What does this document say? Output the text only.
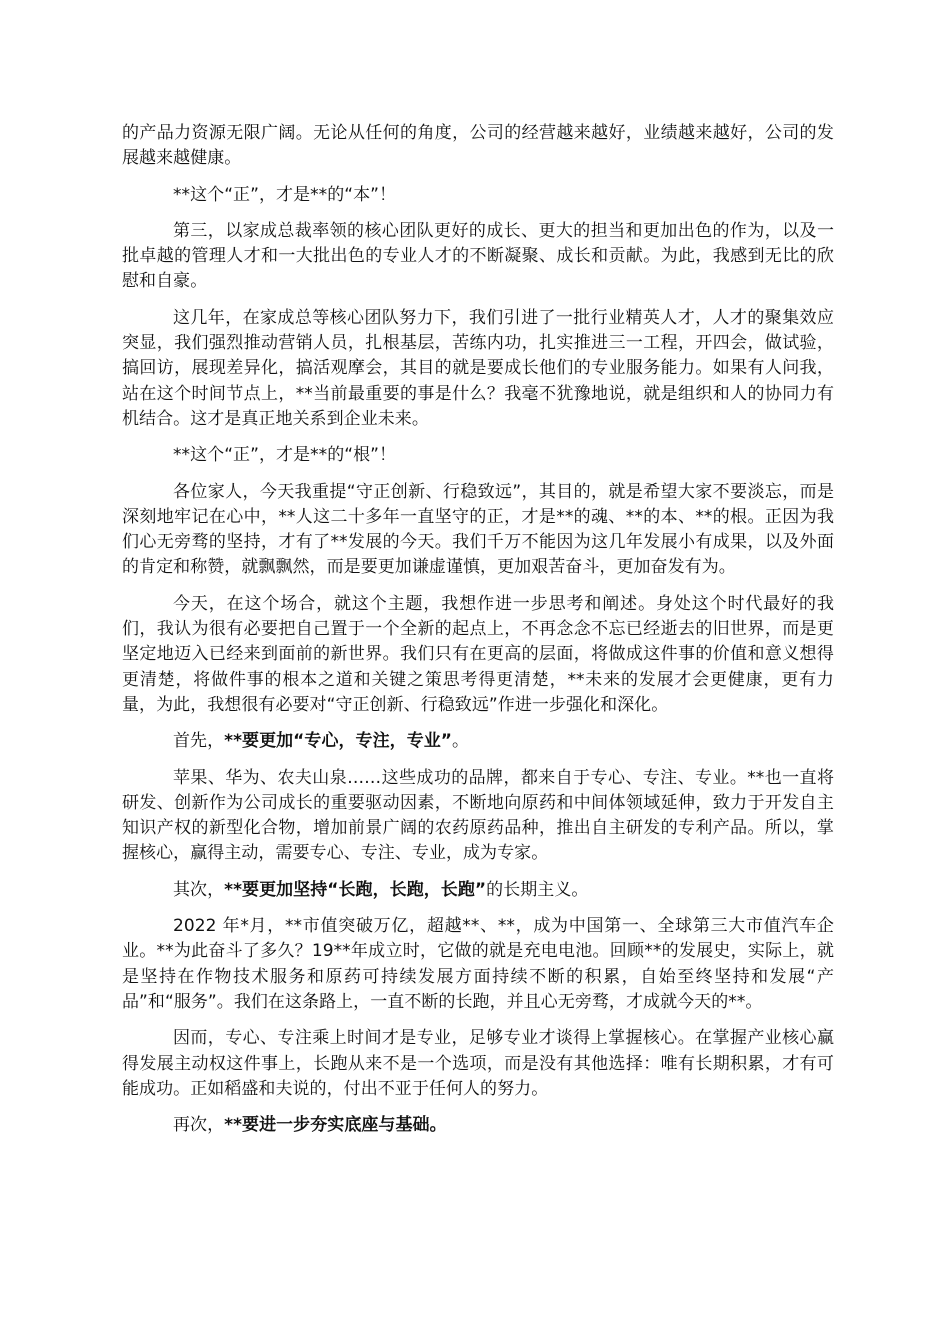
的产品力资源无限广阔。无论从任何的角度，公司的经营越来越好，业绩越来越好，公司的发展越来越健康。

**这个“正”，才是**的“本”！

第三，以家成总裁率领的核心团队更好的成长、更大的担当和更加出色的作为，以及一批卓越的管理人才和一大批出色的专业人才的不断凝聚、成长和贡献。为此，我感到无比的欣慰和自豪。

这几年，在家成总等核心团队努力下，我们引进了一批行业精英人才，人才的聚集效应突显，我们强烈推动营销人员，扎根基层，苦练内功，扎实推进三一工程，开四会，做试验，搞回访，展现差异化，搞活观摩会，其目的就是要成长他们的专业服务能力。如果有人问我，站在这个时间节点上，**当前最重要的事是什么？我毫不犹豫地说，就是组织和人的协同力有机结合。这才是真正地关系到企业未来。

**这个“正”，才是**的“根”！

各位家人，今天我重提“守正创新、行稳致远”，其目的，就是希望大家不要淡忘，而是深刻地牢记在心中，**人这二十多年一直坚守的正，才是**的魂、**的本、**的根。正因为我们心无旁骛的坚持，才有了**发展的今天。我们千万不能因为这几年发展小有成果，以及外面的肯定和称赞，就飘飘然，而是要更加谦虚谨慎，更加艰苦奋斗，更加奋发有为。

今天，在这个场合，就这个主题，我想作进一步思考和阐述。身处这个时代最好的我们，我认为很有必要把自己置于一个全新的起点上，不再念念不忘已经逝去的旧世界，而是更坚定地迈入已经来到面前的新世界。我们只有在更高的层面，将做成这件事的价值和意义想得更清楚，将做件事的根本之道和关键之策思考得更清楚，**未来的发展才会更健康，更有力量，为此，我想很有必要对“守正创新、行稳致远”作进一步强化和深化。

首先，**要更加“专心，专注，专业”。

苹果、华为、农夫山泉……这些成功的品牌，都来自于专心、专注、专业。**也一直将研发、创新作为公司成长的重要驱动因素，不断地向原药和中间体领域延伸，致力于开发自主知识产权的新型化合物，增加前景广阔的农药原药品种，推出自主研发的专利产品。所以，掌握核心，赢得主动，需要专心、专注、专业，成为专家。

其次，**要更加坚持“长跑，长跑，长跑”的长期主义。

2022 年*月，**市值突破万亿，超越**、**，成为中国第一、全球第三大市值汽车企业。**为此奋斗了多久？19**年成立时，它做的就是充电电池。回顾**的发展史，实际上，就是坚持在作物技术服务和原药可持续发展方面持续不断的积累，自始至终坚持和发展“产品”和“服务”。我们在这条路上，一直不断的长跑，并且心无旁骛，才成就今天的**。

因而，专心、专注乘上时间才是专业，足够专业才谈得上掌握核心。在掌握产业核心赢得发展主动权这件事上，长跑从来不是一个选项，而是没有其他选择：唯有长期积累，才有可能成功。正如稻盛和夫说的，付出不亚于任何人的努力。

再次，**要进一步夯实底座与基础。
